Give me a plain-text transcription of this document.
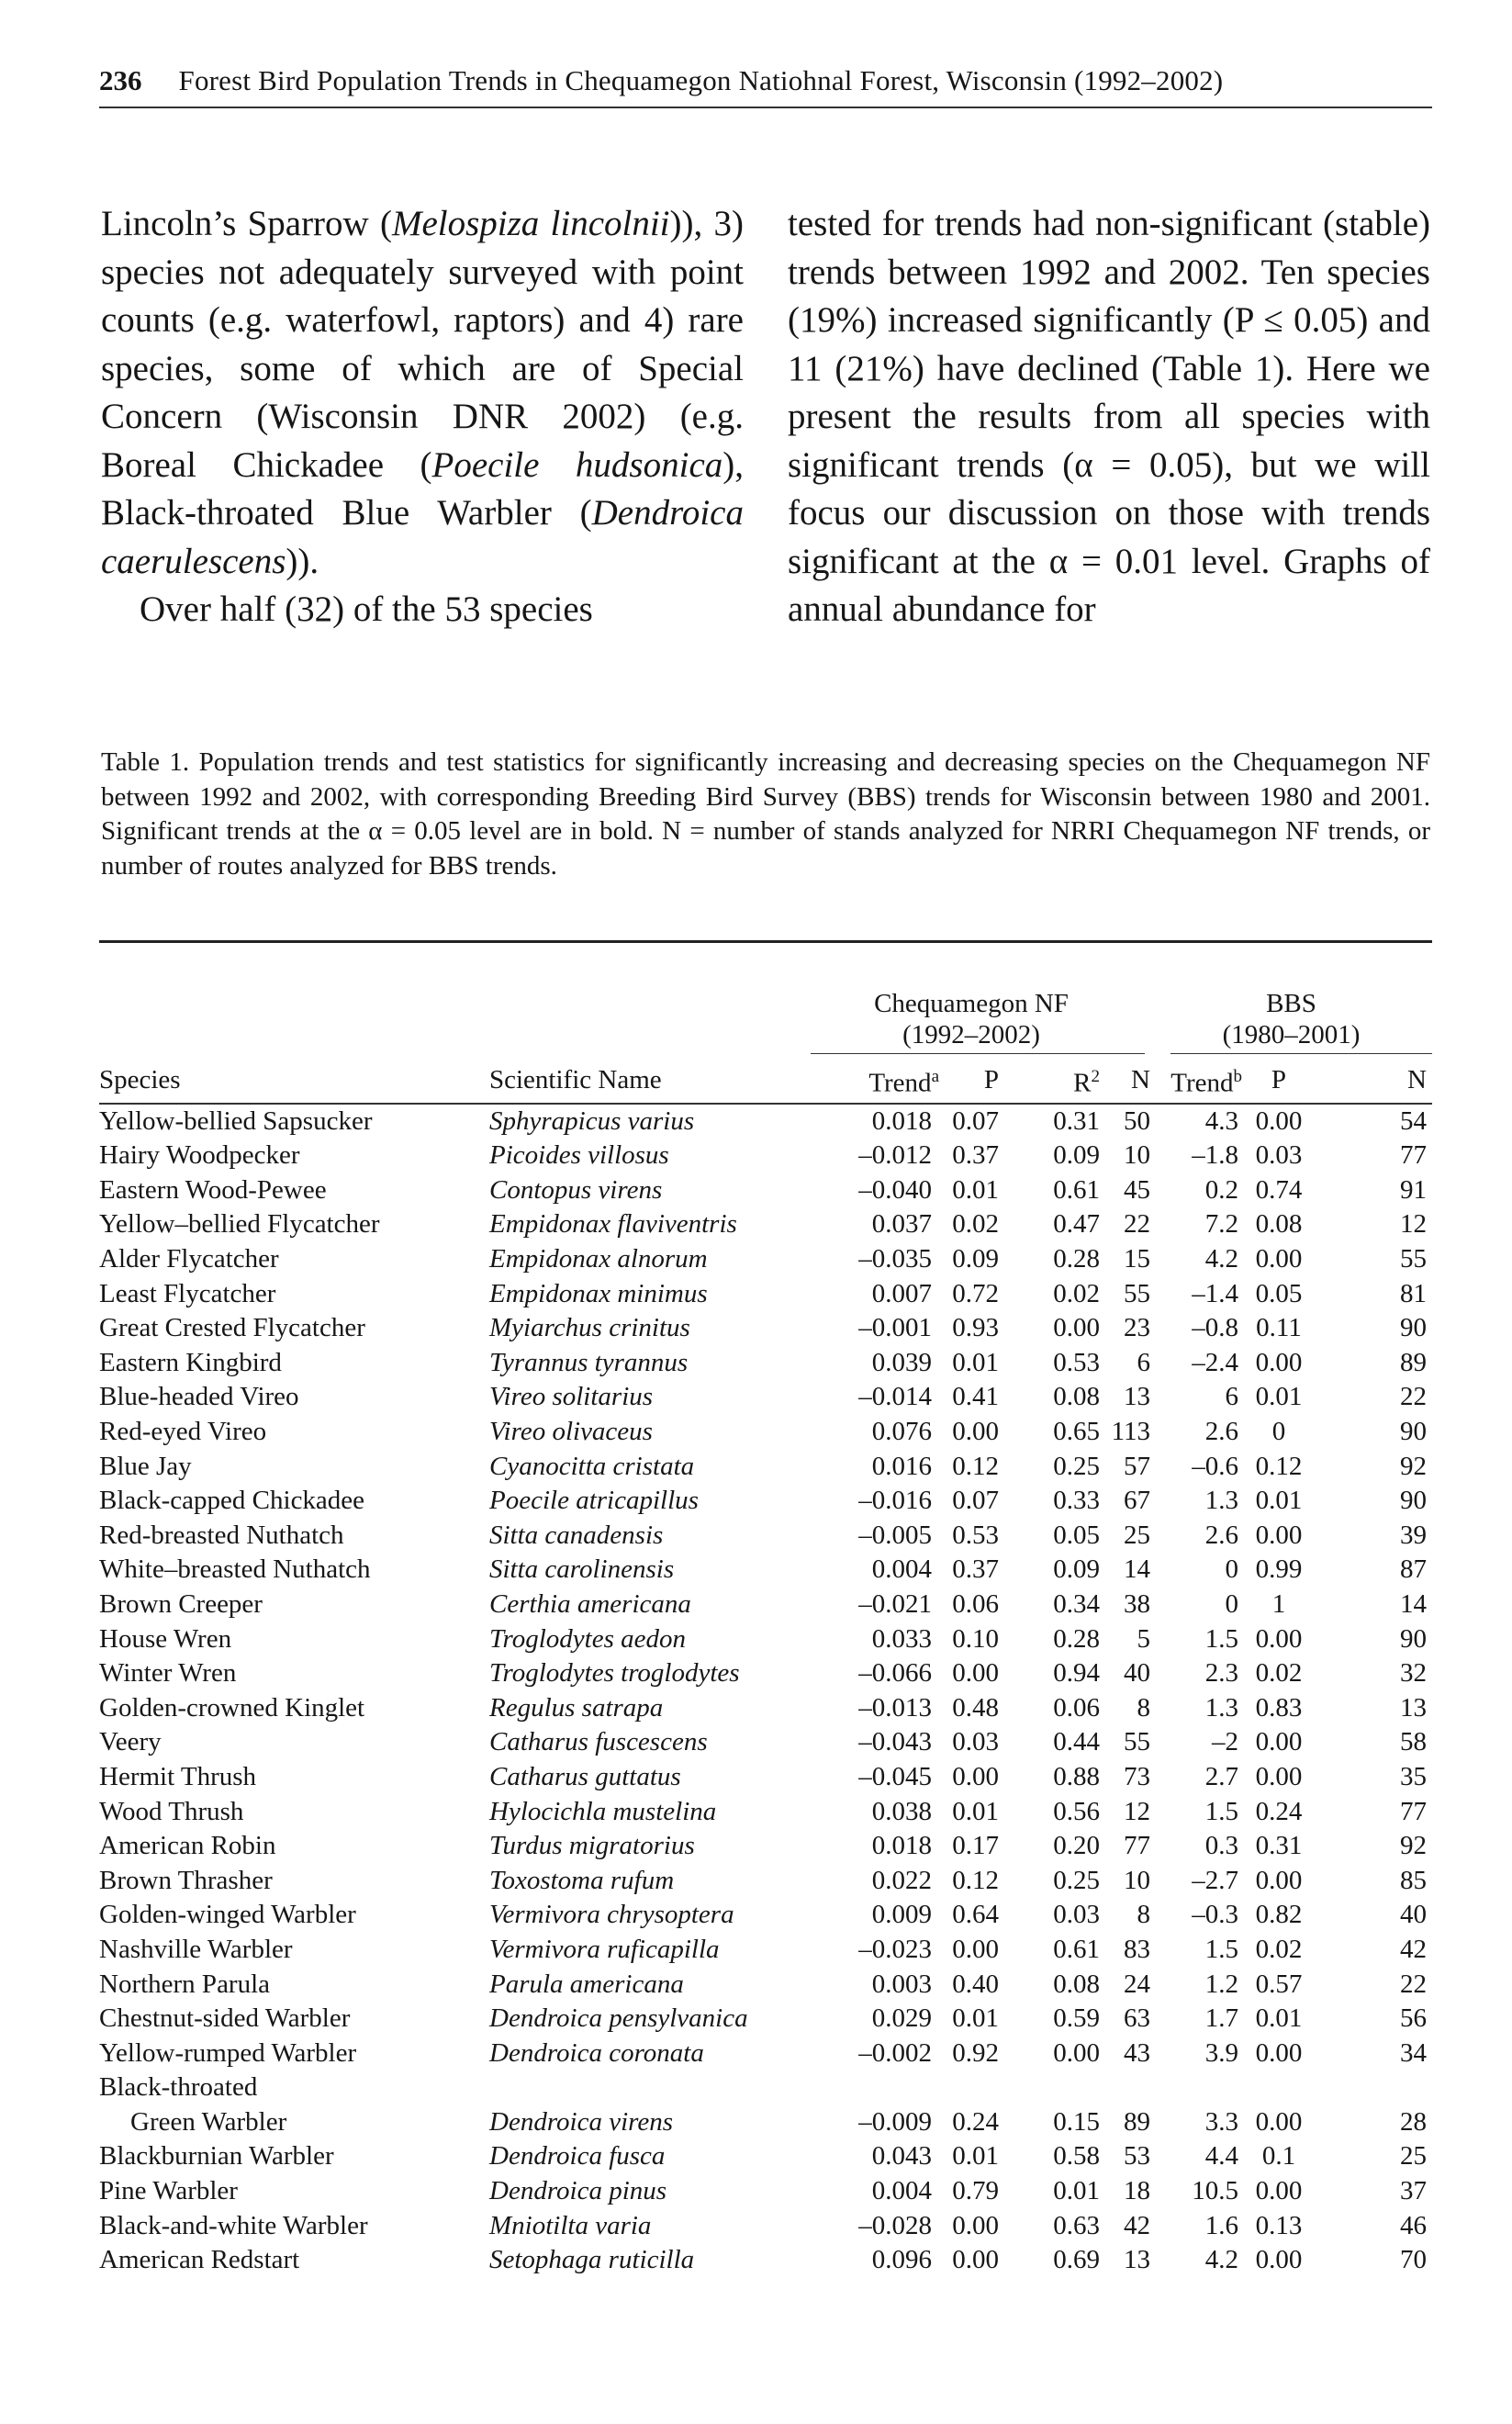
236 Forest Bird Population Trends in Chequamegon Natiohnal Forest, Wisconsin (1992–2002)

Lincoln’s Sparrow (Melospiza lincolnii)), 3) species not adequately surveyed with point counts (e.g. waterfowl, raptors) and 4) rare species, some of which are of Special Concern (Wisconsin DNR 2002) (e.g. Boreal Chickadee (Poecile hudsonica), Black-throated Blue Warbler (Dendroica caerulescens)).

Over half (32) of the 53 species

tested for trends had non-significant (stable) trends between 1992 and 2002. Ten species (19%) increased significantly (P ≤ 0.05) and 11 (21%) have declined (Table 1). Here we present the results from all species with significant trends (α = 0.05), but we will focus our discussion on those with trends significant at the α = 0.01 level. Graphs of annual abundance for

Table 1. Population trends and test statistics for significantly increasing and decreasing species on the Chequamegon NF between 1992 and 2002, with corresponding Breeding Bird Survey (BBS) trends for Wisconsin between 1980 and 2001. Significant trends at the α = 0.05 level are in bold. N = number of stands analyzed for NRRI Chequamegon NF trends, or number of routes analyzed for BBS trends.
		Chequamegon NF
(1992–2002)				BBS
(1980–2001)		

Species	Scientific Name	Trend$^a$	P	$R^2$	N	Trend$^b$	P	N
Yellow-bellied Sapsucker	Sphyrapicus varius	0.018	0.07	0.31	50	4.3	0.00	54
Hairy Woodpecker	Picoides villosus	–0.012	0.37	0.09	10	–1.8	0.03	77
Eastern Wood-Pewee	Contopus virens	–0.040	0.01	0.61	45	0.2	0.74	91
Yellow–bellied Flycatcher	Empidonax flaviventris	0.037	0.02	0.47	22	7.2	0.08	12
Alder Flycatcher	Empidonax alnorum	–0.035	0.09	0.28	15	4.2	0.00	55
Least Flycatcher	Empidonax minimus	0.007	0.72	0.02	55	–1.4	0.05	81
Great Crested Flycatcher	Myiarchus crinitus	–0.001	0.93	0.00	23	–0.8	0.11	90
Eastern Kingbird	Tyrannus tyrannus	0.039	0.01	0.53	6	–2.4	0.00	89
Blue-headed Vireo	Vireo solitarius	–0.014	0.41	0.08	13	6	0.01	22
Red-eyed Vireo	Vireo olivaceus	0.076	0.00	0.65	113	2.6	0	90
Blue Jay	Cyanocitta cristata	0.016	0.12	0.25	57	–0.6	0.12	92
Black-capped Chickadee	Poecile atricapillus	–0.016	0.07	0.33	67	1.3	0.01	90
Red-breasted Nuthatch	Sitta canadensis	–0.005	0.53	0.05	25	2.6	0.00	39
White–breasted Nuthatch	Sitta carolinensis	0.004	0.37	0.09	14	0	0.99	87
Brown Creeper	Certhia americana	–0.021	0.06	0.34	38	0	1	14
House Wren	Troglodytes aedon	0.033	0.10	0.28	5	1.5	0.00	90
Winter Wren	Troglodytes troglodytes	–0.066	0.00	0.94	40	2.3	0.02	32
Golden-crowned Kinglet	Regulus satrapa	–0.013	0.48	0.06	8	1.3	0.83	13
Veery	Catharus fuscescens	–0.043	0.03	0.44	55	–2	0.00	58
Hermit Thrush	Catharus guttatus	–0.045	0.00	0.88	73	2.7	0.00	35
Wood Thrush	Hylocichla mustelina	0.038	0.01	0.56	12	1.5	0.24	77
American Robin	Turdus migratorius	0.018	0.17	0.20	77	0.3	0.31	92
Brown Thrasher	Toxostoma rufum	0.022	0.12	0.25	10	–2.7	0.00	85
Golden-winged Warbler	Vermivora chrysoptera	0.009	0.64	0.03	8	–0.3	0.82	40
Nashville Warbler	Vermivora ruficapilla	–0.023	0.00	0.61	83	1.5	0.02	42
Northern Parula	Parula americana	0.003	0.40	0.08	24	1.2	0.57	22
Chestnut-sided Warbler	Dendroica pensylvanica	0.029	0.01	0.59	63	1.7	0.01	56
Yellow-rumped Warbler	Dendroica coronata	–0.002	0.92	0.00	43	3.9	0.00	34
Black-throated								
Green Warbler	Dendroica virens	–0.009	0.24	0.15	89	3.3	0.00	28
Blackburnian Warbler	Dendroica fusca	0.043	0.01	0.58	53	4.4	0.1	25
Pine Warbler	Dendroica pinus	0.004	0.79	0.01	18	10.5	0.00	37
Black-and-white Warbler	Mniotilta varia	–0.028	0.00	0.63	42	1.6	0.13	46
American Redstart	Setophaga ruticilla	0.096	0.00	0.69	13	4.2	0.00	70
